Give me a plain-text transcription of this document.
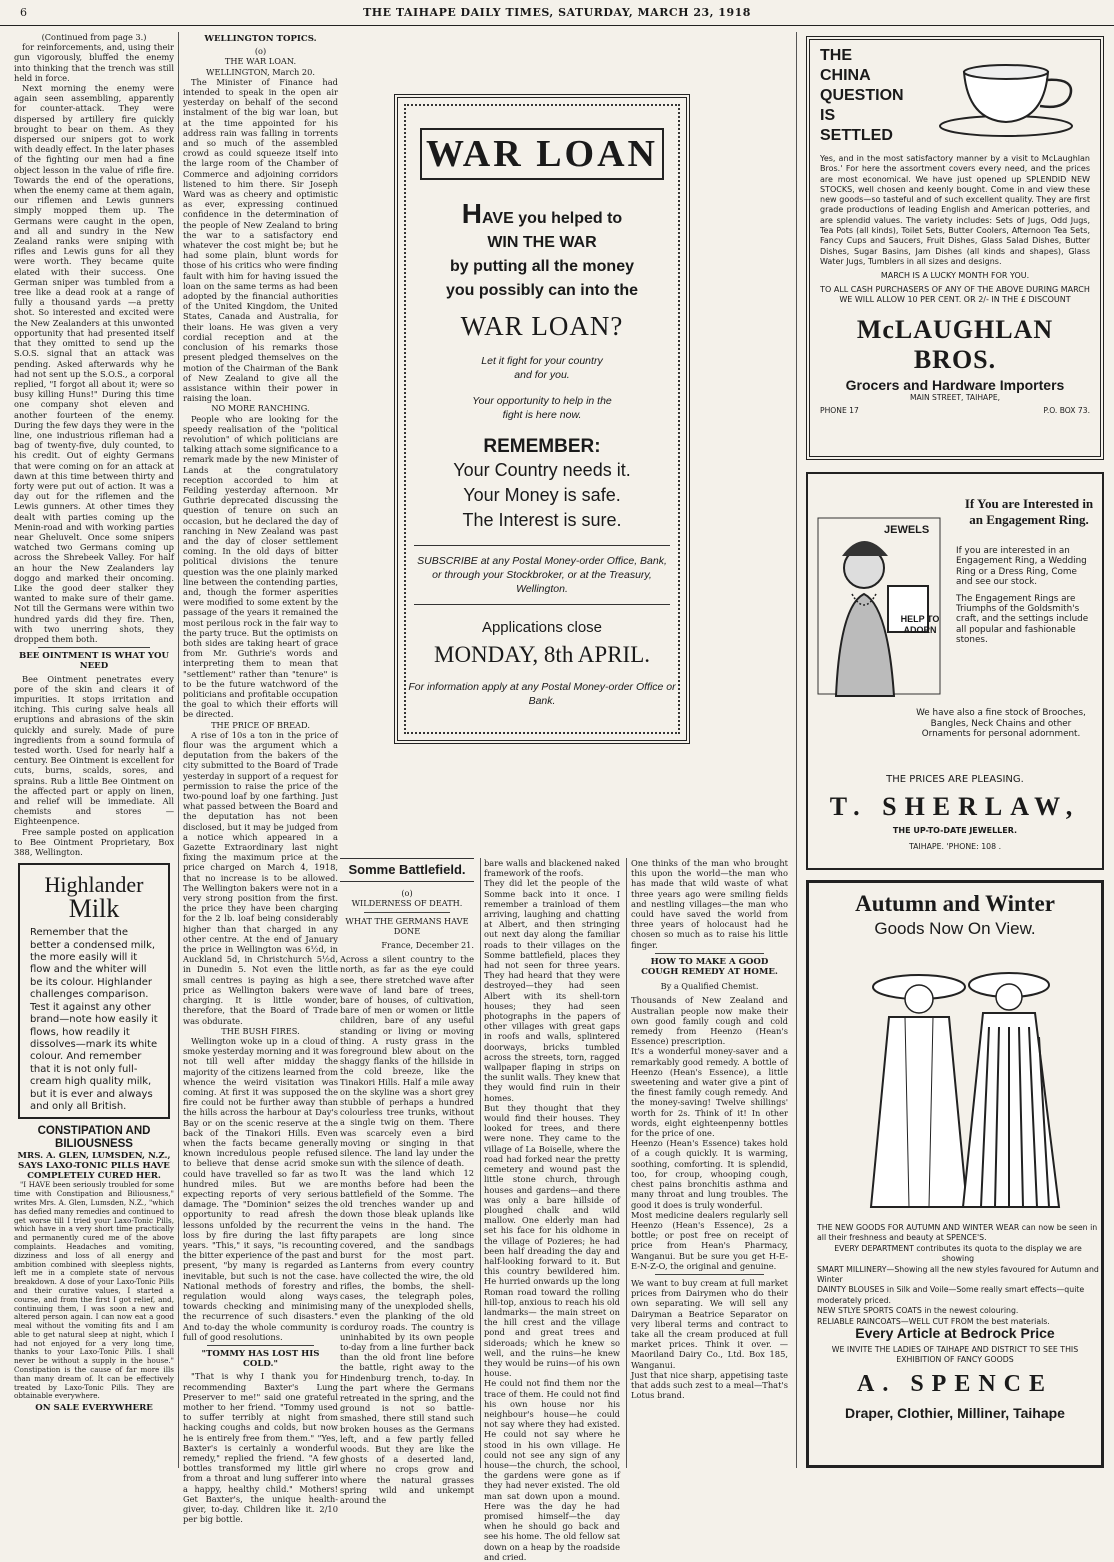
6	THE TAIHAPE DAILY TIMES, SATURDAY, MARCH 23, 1918
(Continued from page 3.)

for reinforcements, and, using their gun vigorously, bluffed the enemy into thinking that the trench was still held in force.

Next morning the enemy were again seen assembling, apparently for counter-attack. They were dispersed by artillery fire quickly brought to bear on them. As they dispersed our snipers got to work with deadly effect. In the later phases of the fighting our men had a fine object lesson in the value of rifle fire. Towards the end of the operations, when the enemy came at them again, our riflemen and Lewis gunners simply mopped them up. The Germans were caught in the open, and all and sundry in the New Zealand ranks were sniping with rifles and Lewis guns for all they were worth. They became quite elated with their success. One German sniper was tumbled from a tree like a dead rook at a range of fully a thousand yards —a pretty shot. So interested and excited were the New Zealanders at this unwonted opportunity that had presented itself that they omitted to send up the S.O.S. signal that an attack was pending. Asked afterwards why he had not sent up the S.O.S., a corporal replied, "I forgot all about it; were so busy killing Huns!" During this time one company shot eleven and another fourteen of the enemy. During the few days they were in the line, one industrious rifleman had a bag of twenty-five, duly counted, to his credit. Out of eighty Germans that were coming on for an attack at dawn at this time between thirty and forty were put out of action. It was a day out for the riflemen and the Lewis gunners. At other times they dealt with parties coming up the Menin-road and with working parties near Gheluvelt. Once some snipers watched two Germans coming up across the Shrebeek Valley. For half an hour the New Zealanders lay doggo and marked their oncoming. Like the good deer stalker they wanted to make sure of their game. Not till the Germans were within two hundred yards did they fire. Then, with two unerring shots, they dropped them both.

BEE OINTMENT IS WHAT YOU NEED

Bee Ointment penetrates every pore of the skin and clears it of impurities. It stops irritation and itching. This curing salve heals all eruptions and abrasions of the skin quickly and surely. Made of pure ingredients from a sound formula of tested worth. Used for nearly half a century. Bee Ointment is excellent for cuts, burns, scalds, sores, and sprains. Rub a little Bee Ointment on the affected part or apply on linen, and relief will be immediate. All chemists and stores —Eighteenpence.

Free sample posted on application to Bee Ointment Proprietary, Box 388, Wellington.

Highlander
Milk
Remember that the better a condensed milk, the more easily will it flow and the whiter will be its colour. Highlander challenges comparison. Test it against any other brand—note how easily it flows, how readily it dissolves—mark its white colour. And remember that it is not only full-cream high quality milk, but it is ever and always and only all British.
CONSTIPATION AND BILIOUSNESS
MRS. A. GLEN, LUMSDEN, N.Z., SAYS LAXO-TONIC PILLS HAVE COMPLETELY CURED HER.

"I HAVE been seriously troubled for some time with Constipation and Biliousness," writes Mrs. A. Glen, Lumsden, N.Z., "which has defied many remedies and continued to get worse till I tried your Laxo-Tonic Pills, which have in a very short time practically and permanently cured me of the above complaints. Headaches and vomiting, dizziness and loss of all energy and ambition combined with sleepless nights, left me in a complete state of nervous breakdown. A dose of your Laxo-Tonic Pills and their curative values, I started a course, and from the first I got relief, and, continuing them, I was soon a new and altered person again. I can now eat a good meal without the vomiting fits and I am able to get natural sleep at night, which I had not enjoyed for a very long time, thanks to your Laxo-Tonic Pills. I shall never be without a supply in the house." Constipation is the cause of far more ills than many dream of. It can be effectively treated by Laxo-Tonic Pills. They are obtainable everywhere.

ON SALE EVERYWHERE
WELLINGTON TOPICS.
(o)
THE WAR LOAN.
WELLINGTON, March 20.

The Minister of Finance had intended to speak in the open air yesterday on behalf of the second instalment of the big war loan, but at the time appointed for his address rain was falling in torrents and so much of the assembled crowd as could squeeze itself into the large room of the Chamber of Commerce and adjoining corridors listened to him there. Sir Joseph Ward was as cheery and optimistic as ever, expressing continued confidence in the determination of the people of New Zealand to bring the war to a satisfactory end whatever the cost might be; but he had some plain, blunt words for those of his critics who were finding fault with him for having issued the loan on the same terms as had been adopted by the financial authorities of the United Kingdom, the United States, Canada and Australia, for their loans. He was given a very cordial reception and at the conclusion of his remarks those present pledged themselves on the motion of the Chairman of the Bank of New Zealand to give all the assistance within their power in raising the loan.

NO MORE RANCHING.

People who are looking for the speedy realisation of the "political revolution" of which politicians are talking attach some significance to a remark made by the new Minister of Lands at the congratulatory reception accorded to him at Feilding yesterday afternoon. Mr Guthrie deprecated discussing the question of tenure on such an occasion, but he declared the day of ranching in New Zealand was past and the day of closer settlement coming. In the old days of bitter political divisions the tenure question was the one plainly marked line between the contending parties, and, though the former asperities were modified to some extent by the passage of the years it remained the most perilous rock in the fair way to the party truce. But the optimists on both sides are taking heart of grace from Mr. Guthrie's words and interpreting them to mean that "settlement" rather than "tenure" is to be the future watchword of the politicians and profitable occupation the goal to which their efforts will be directed.

THE PRICE OF BREAD.

A rise of 10s a ton in the price of flour was the argument which a deputation from the bakers of the city submitted to the Board of Trade yesterday in support of a request for permission to raise the price of the two-pound loaf by one farthing. Just what passed between the Board and the deputation has not been disclosed, but it may be judged from a notice which appeared in a Gazette Extraordinary last night fixing the maximum price at the price charged on March 4, 1918, that no increase is to be allowed. The Wellington bakers were not in a very strong position from the first. the price they have been charging for the 2 lb. loaf being considerably higher than that charged in any other centre. At the end of January the price in Wellington was 6½d, in Auckland 5d, in Christchurch 5½d, in Dunedin 5. Not even the little small centres is paying as high a price as Wellington bakers were charging. It is little wonder, therefore, that the Board of Trade was obdurate.

THE BUSH FIRES.

Wellington woke up in a cloud of smoke yesterday morning and it was not till well after midday the majority of the citizens learned from whence the weird visitation was coming. At first it was supposed the fire could not be further away than the hills across the harbour at Day's Bay or on the scenic reserve at the back of the Tinakori Hills. Even when the facts became generally known incredulous people refused to believe that dense acrid smoke could have travelled so far as two hundred miles. But we are expecting reports of very serious damage. The "Dominion" seizes the opportunity to read afresh the lessons unfolded by the recurrent loss by fire during the last fifty years. "This," it says, "is recounting the bitter experience of the past and present, "by many is regarded as inevitable, but such is not the case. National methods of forestry and regulation would along ways towards checking and minimising the recurrence of such disasters." And to-day the whole community is full of good resolutions.

"TOMMY HAS LOST HIS COLD."

"That is why I thank you for recommending Baxter's Lung Preserver to me!" said one grateful mother to her friend. "Tommy used to suffer terribly at night from hacking coughs and colds, but now he is entirely free from them." "Yes, Baxter's is certainly a wonderful remedy," replied the friend. "A few bottles transformed my little girl from a throat and lung sufferer into a happy, healthy child." Mothers! Get Baxter's, the unique health-giver, to-day. Children like it. 2/10 per big bottle.

WAR LOAN
HAVE you helped to
WIN THE WAR
by putting all the money
you possibly can into the
WAR LOAN?
Let it fight for your country
and for you.
Your opportunity to help in the
fight is here now.
REMEMBER:
Your Country needs it.
Your Money is safe.
The Interest is sure.
SUBSCRIBE at any Postal Money-order Office, Bank, or through your Stockbroker, or at the Treasury, Wellington.
Applications close
MONDAY, 8th APRIL.
For information apply at any Postal Money-order Office or Bank.
Somme Battlefield.
(o)
WILDERNESS OF DEATH.
WHAT THE GERMANS HAVE DONE
France, December 21.

Across a silent country to the north, as far as the eye could see, there stretched wave after wave of land bare of trees, bare of houses, of cultivation, bare of men or women or little children, bare of any useful standing or living or moving thing. A rusty grass in the foreground blew about on the shaggy flanks of the hillside in the cold breeze, like the Tinakori Hills. Half a mile away on the skyline was a short grey stubble of perhaps a hundred colourless tree trunks, without a single twig on them. There was scarcely even a bird moving or singing in that silence. The land lay under the sun with the silence of death.

It was the land which 12 months before had been the battlefield of the Somme. The old trenches wander up and down those bleak uplands like the veins in the hand. The parapets are long since covered, and the sandbags burst for the most part. Lanterns from every country have collected the wire, the old rifles, the bombs, the shell-cases, the telegraph poles, many of the unexploded shells, even the planking of the old corduroy roads. The country is uninhabited by its own people to-day from a line further back than the old front line before the battle, right away to the Hindenburg trench, to-day. In the part where the Germans retreated in the spring, and the ground is not so battle-smashed, there still stand such broken houses as the Germans left, and a few partly felled woods. But they are like the ghosts of a deserted land, where no crops grow and where the natural grasses spring wild and unkempt around the

bare walls and blackened naked framework of the roofs.

They did let the people of the Somme back into it once. I remember a trainload of them arriving, laughing and chatting at Albert, and then stringing out next day along the familiar roads to their villages on the Somme battlefield, places they had not seen for three years. They had heard that they were destroyed—they had seen Albert with its shell-torn houses; they had seen photographs in the papers of other villages with great gaps in roofs and walls, splintered doorways, bricks tumbled across the streets, torn, ragged wallpaper flaping in strips on the sunlit walls. They knew that they would find ruin in their homes.

But they thought that they would find their houses. They looked for trees, and there were none. They came to the village of La Boiselle, where the road had forked near the pretty cemetery and wound past the little stone church, through houses and gardens—and there was only a bare hillside of ploughed chalk and wild mallow. One elderly man had set his face for his oldhome in the village of Pozieres; he had been half dreading the day and half-looking forward to it. But this country bewildered him. He hurried onwards up the long Roman road toward the rolling hill-top, anxious to reach his old landmarks— the main street on the hill crest and the village pond and great trees and sideroads; which he knew so well, and the ruins—he knew they would be ruins—of his own house.

He could not find them nor the trace of them. He could not find his own house nor his neighbour's house—he could not say where they had existed. He could not say where he stood in his own village. He could not see any sign of any house—the church, the school, the gardens were gone as if they had never existed. The old man sat down upon a mound. Here was the day he had promised himself—the day when he should go back and see his home. The old fellow sat down on a heap by the roadside and cried.

One thinks of the man who brought this upon the world—the man who has made that wild waste of what three years ago were smiling fields and nestling villages—the man who could have saved the world from three years of holocaust had he chosen so much as to raise his little finger.

HOW TO MAKE A GOOD COUGH REMEDY AT HOME.
By a Qualified Chemist.

Thousands of New Zealand and Australian people now make their own good family cough and cold remedy from Heenzo (Hean's Essence) prescription.

It's a wonderful money-saver and a remarkably good remedy. A bottle of Heenzo (Hean's Essence), a little sweetening and water give a pint of the finest family cough remedy. And the money-saving! Twelve shillings' worth for 2s. Think of it! In other words, eight eighteenpenny bottles for the price of one.

Heenzo (Hean's Essence) takes hold of a cough quickly. It is warming, soothing, comforting. It is splendid, too, for croup, whooping cough, chest pains bronchitis asthma and many throat and lung troubles. The good it does is truly wonderful.

Most medicine dealers regularly sell Heenzo (Hean's Essence), 2s a bottle; or post free on receipt of price from Hean's Pharmacy, Wanganui. But be sure you get H-E-E-N-Z-O, the original and genuine.

We want to buy cream at full market prices from Dairymen who do their own separating. We will sell any Dairyman a Beatrice Separator on very liberal terms and contract to take all the cream produced at full market prices. Think it over. — Maoriland Dairy Co., Ltd. Box 185, Wanganui.

Just that nice sharp, appetising taste that adds such zest to a meal—That's Lotus brand.

THE
CHINA
QUESTION
IS
SETTLED
Yes, and in the most satisfactory manner by a visit to McLaughlan Bros.' For here the assortment covers every need, and the prices are most economical. We have just opened up SPLENDID NEW STOCKS, well chosen and keenly bought. Come in and view these new goods—so tasteful and of such excellent quality. They are first grade productions of leading English and American potteries, and are splendid values. The variety includes: Sets of Jugs, Odd Jugs, Tea Pots (all kinds), Toilet Sets, Butter Coolers, Afternoon Tea Sets, Fancy Cups and Saucers, Fruit Dishes, Glass Salad Dishes, Butter Dishes, Sugar Basins, Jam Dishes (all kinds and shapes), Glass Water Jugs, Tumblers in all sizes and designs.
MARCH IS A LUCKY MONTH FOR YOU.
TO ALL CASH PURCHASERS OF ANY OF THE ABOVE DURING MARCH WE WILL ALLOW 10 PER CENT. OR 2/- IN THE £ DISCOUNT
McLAUGHLAN BROS.
Grocers and Hardware Importers
MAIN STREET, TAIHAPE,
PHONE 17	P.O. BOX 73.
If You are Interested in an Engagement Ring.
JEWELS
HELP TO ADORN
If you are interested in an Engagement Ring, a Wedding Ring or a Dress Ring, Come and see our stock.
The Engagement Rings are Triumphs of the Goldsmith's craft, and the settings include all popular and fashionable stones.
We have also a fine stock of Brooches, Bangles, Neck Chains and other Ornaments for personal adornment.
THE PRICES ARE PLEASING.
T. SHERLAW,
THE UP-TO-DATE JEWELLER.
TAIHAPE. 'PHONE: 108 .
Autumn and Winter
Goods Now On View.
THE NEW GOODS FOR AUTUMN AND WINTER WEAR can now be seen in all their freshness and beauty at SPENCE'S.
EVERY DEPARTMENT contributes its quota to the display we are showing
SMART MILLINERY—Showing all the new styles favoured for Autumn and Winter
DAINTY BLOUSES in Silk and Voile—Some really smart effects—quite moderately priced.
NEW STLYE SPORTS COATS in the newest colouring.
RELIABLE RAINCOATS—WELL CUT FROM the best materials.
Every Article at Bedrock Price
WE INVITE THE LADIES OF TAIHAPE AND DISTRICT TO SEE THIS EXHIBITION OF FANCY GOODS
A. SPENCE
Draper, Clothier, Milliner, Taihape
